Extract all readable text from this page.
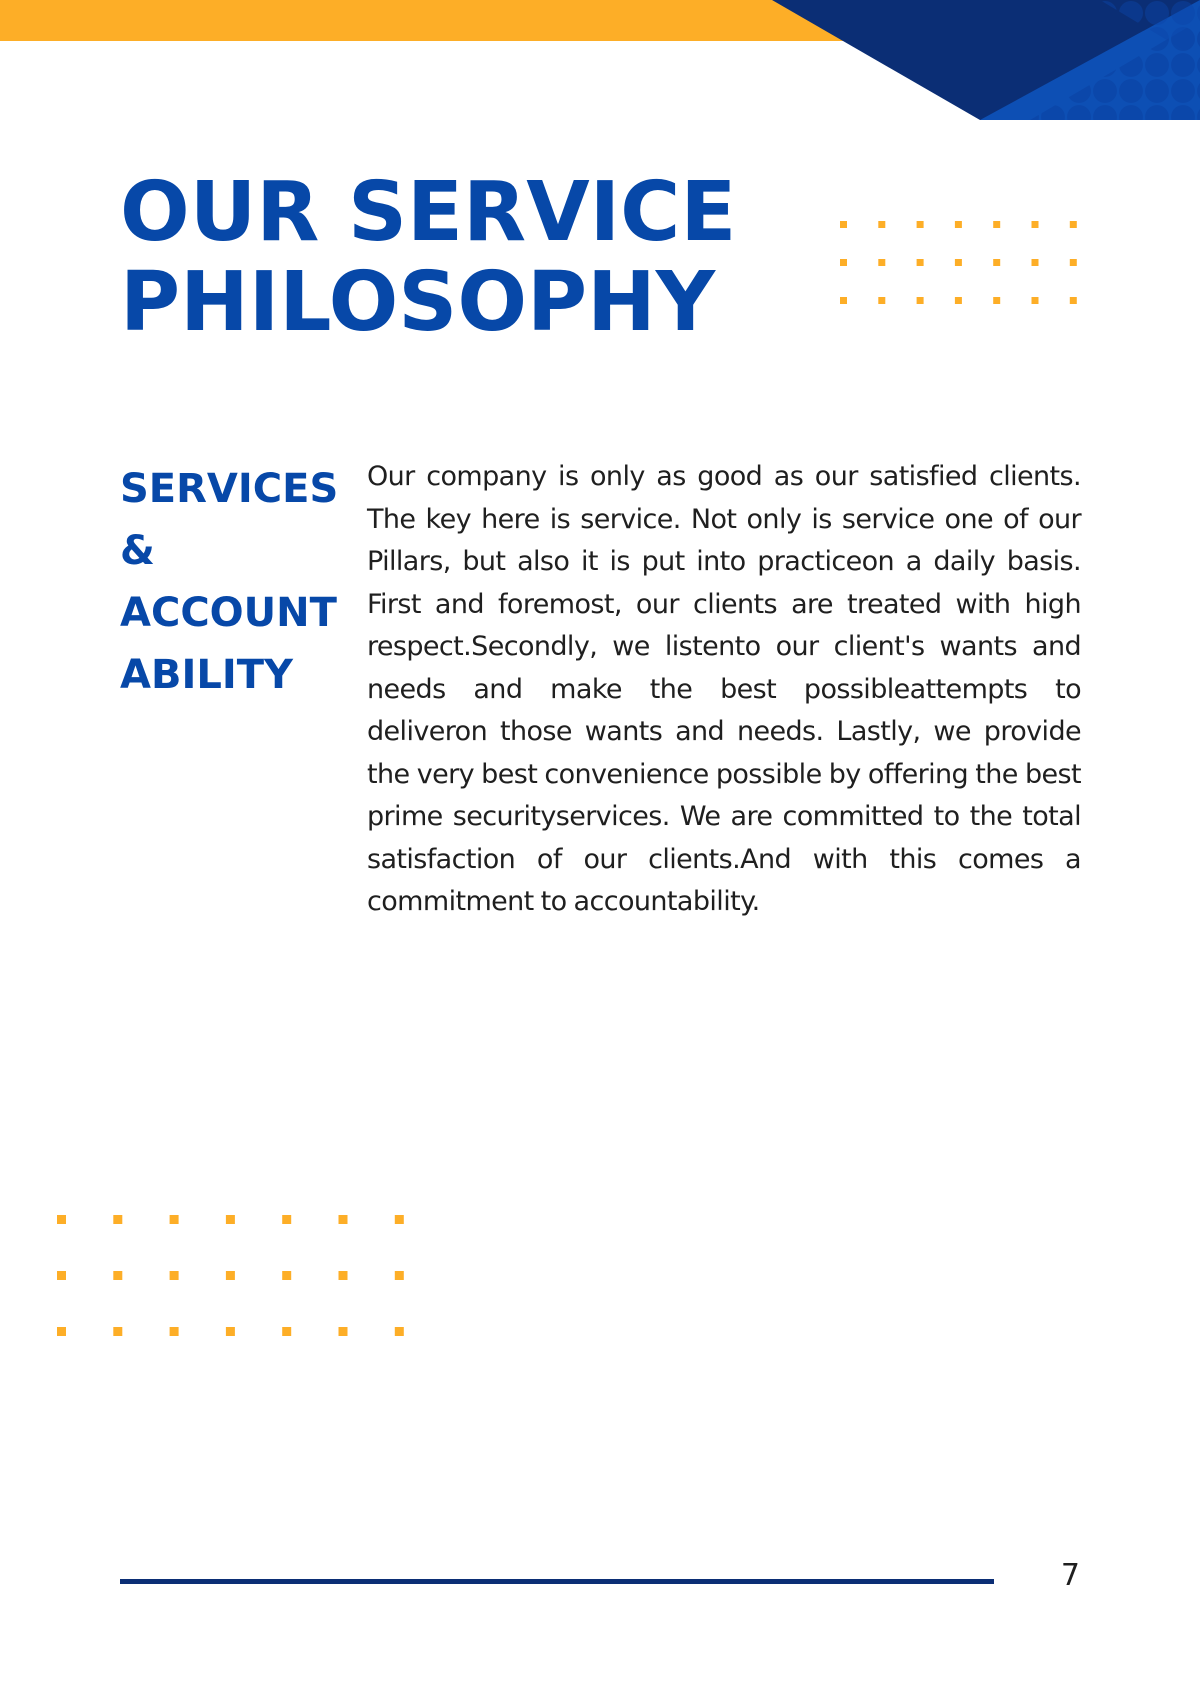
OUR SERVICE
PHILOSOPHY
SERVICES
&
ACCOUNT
ABILITY

Our company is only as good as our satisfied clients. The key here is service. Not only is service one of our Pillars, but also it is put into practiceon a daily basis. First and foremost, our clients are treated with high respect.Secondly, we listento our client's wants and needs and make the best possibleattempts to deliveron those wants and needs. Lastly, we provide the very best convenience possible by offering the best prime securityservices. We are committed to the total satisfaction of our clients.And with this comes a commitment to accountability.

7
